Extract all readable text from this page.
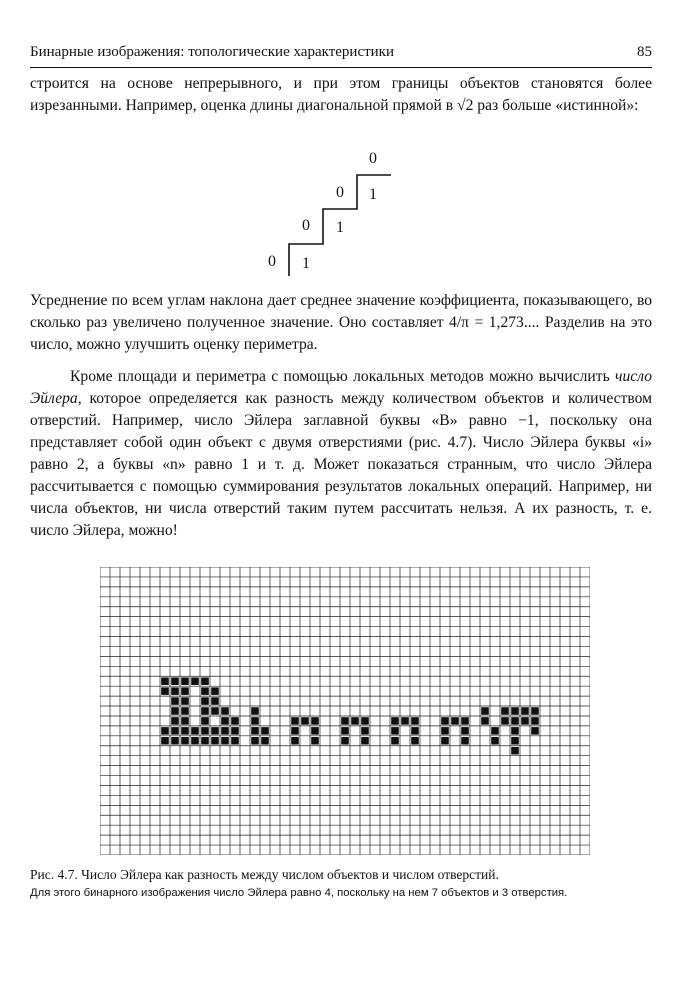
Бинарные изображения: топологические характеристики	85

строится на основе непрерывного, и при этом границы объектов становятся более изрезанными. Например, оценка длины диагональной прямой в √2 раз больше «истинной»:

0
0 1
0 1
0 1

Усреднение по всем углам наклона дает среднее значение коэффициента, показывающего, во сколько раз увеличено полученное значение. Оно составляет 4/π = 1,273.... Разделив на это число, можно улучшить оценку периметра.

Кроме площади и периметра с помощью локальных методов можно вычислить число Эйлера, которое определяется как разность между количеством объектов и количеством отверстий. Например, число Эйлера заглавной буквы «B» равно −1, поскольку она представляет собой один объект с двумя отверстиями (рис. 4.7). Число Эйлера буквы «i» равно 2, а буквы «n» равно 1 и т. д. Может показаться странным, что число Эйлера рассчитывается с помощью суммирования результатов локальных операций. Например, ни числа объектов, ни числа отверстий таким путем рассчитать нельзя. А их разность, т. е. число Эйлера, можно!

Рис. 4.7. Число Эйлера как разность между числом объектов и числом отверстий.

Для этого бинарного изображения число Эйлера равно 4, поскольку на нем 7 объектов и 3 отверстия.
